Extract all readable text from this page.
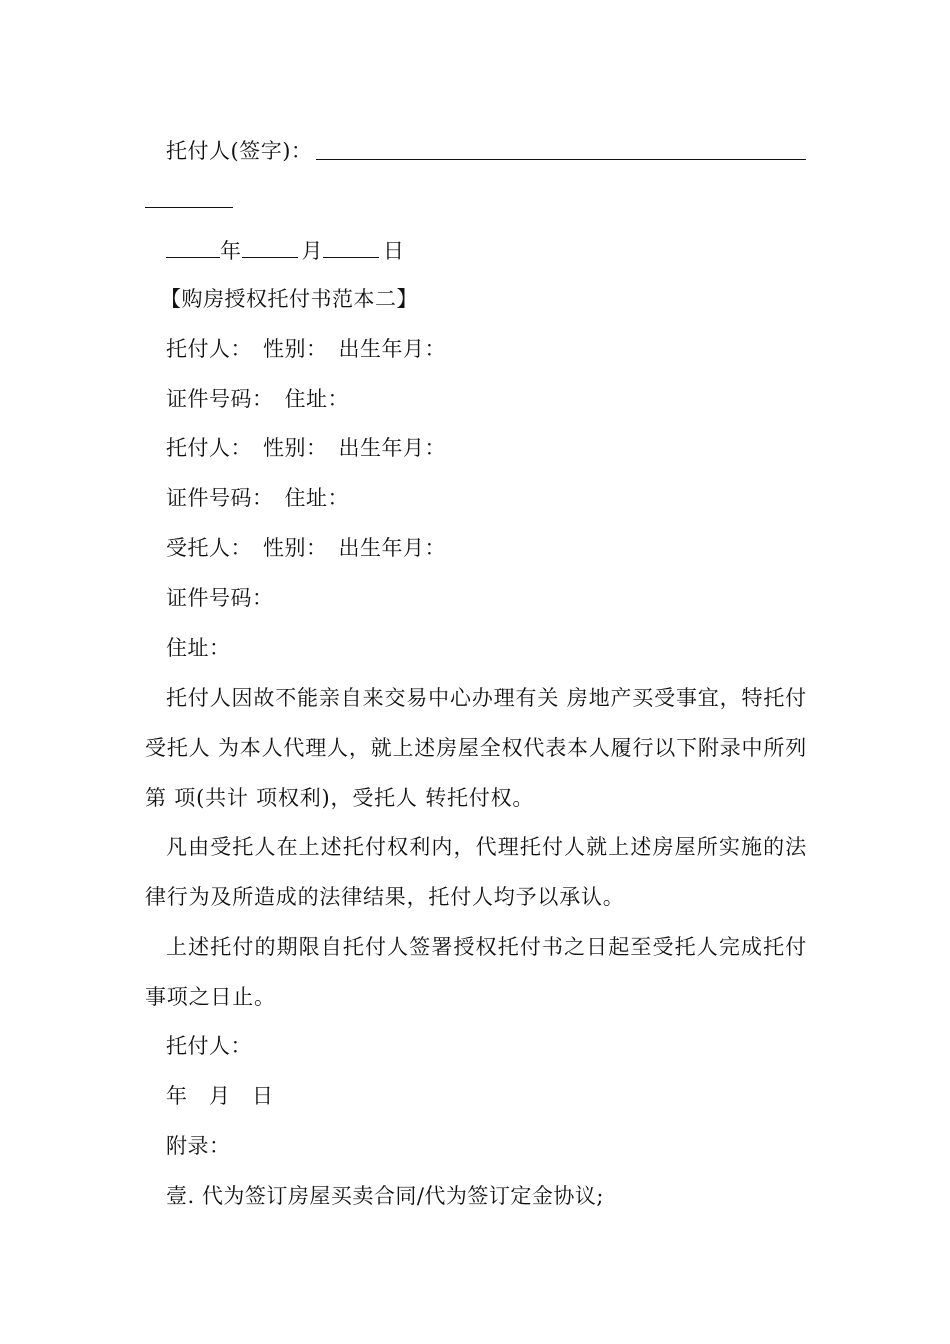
托付人(签字)：
年	月	日
【购房授权托付书范本二】
托付人：　性别：　出生年月：
证件号码：　住址：
托付人：　性别：　出生年月：
证件号码：　住址：
受托人：　性别：　出生年月：
证件号码：
住址：
托付人因故不能亲自来交易中心办理有关 房地产买受事宜，特托付受托人 为本人代理人，就上述房屋全权代表本人履行以下附录中所列第 项(共计 项权利)，受托人 转托付权。
凡由受托人在上述托付权利内，代理托付人就上述房屋所实施的法律行为及所造成的法律结果，托付人均予以承认。
上述托付的期限自托付人签署授权托付书之日起至受托人完成托付事项之日止。
托付人：
年　月　日
附录：
壹. 代为签订房屋买卖合同/代为签订定金协议;
